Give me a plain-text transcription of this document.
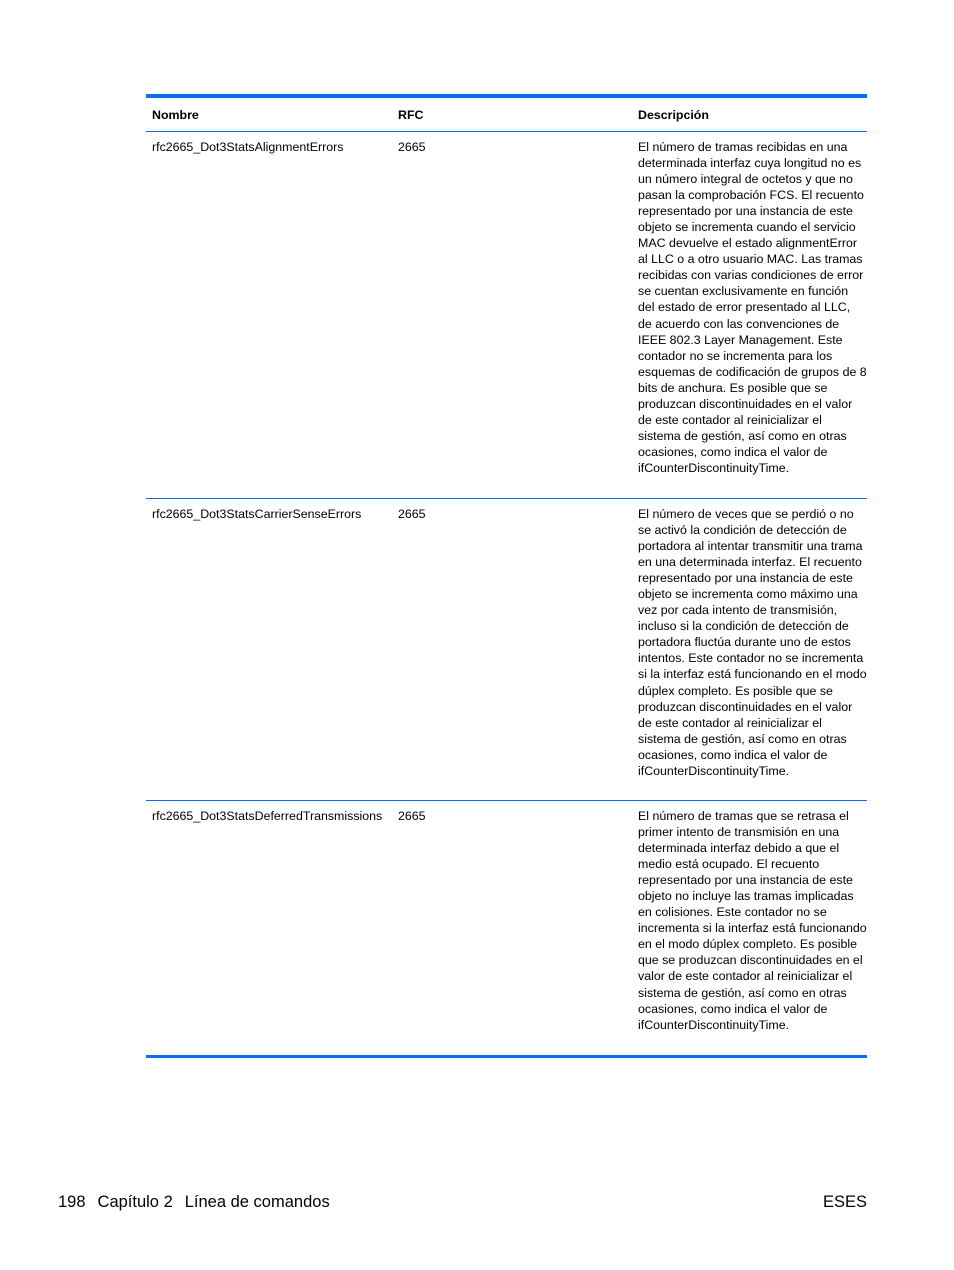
Nombre	RFC	Descripción
rfc2665_Dot3StatsAlignmentErrors	2665	El número de tramas recibidas en una determinada interfaz cuya longitud no es un número integral de octetos y que no pasan la comprobación FCS. El recuento representado por una instancia de este objeto se incrementa cuando el servicio MAC devuelve el estado alignmentError al LLC o a otro usuario MAC. Las tramas recibidas con varias condiciones de error se cuentan exclusivamente en función del estado de error presentado al LLC, de acuerdo con las convenciones de IEEE 802.3 Layer Management. Este contador no se incrementa para los esquemas de codificación de grupos de 8 bits de anchura. Es posible que se produzcan discontinuidades en el valor de este contador al reinicializar el sistema de gestión, así como en otras ocasiones, como indica el valor de ifCounterDiscontinuityTime.
rfc2665_Dot3StatsCarrierSenseErrors	2665	El número de veces que se perdió o no se activó la condición de detección de portadora al intentar transmitir una trama en una determinada interfaz. El recuento representado por una instancia de este objeto se incrementa como máximo una vez por cada intento de transmisión, incluso si la condición de detección de portadora fluctúa durante uno de estos intentos. Este contador no se incrementa si la interfaz está funcionando en el modo dúplex completo. Es posible que se produzcan discontinuidades en el valor de este contador al reinicializar el sistema de gestión, así como en otras ocasiones, como indica el valor de ifCounterDiscontinuityTime.
rfc2665_Dot3StatsDeferredTransmissions	2665	El número de tramas que se retrasa el primer intento de transmisión en una determinada interfaz debido a que el medio está ocupado. El recuento representado por una instancia de este objeto no incluye las tramas implicadas en colisiones. Este contador no se incrementa si la interfaz está funcionando en el modo dúplex completo. Es posible que se produzcan discontinuidades en el valor de este contador al reinicializar el sistema de gestión, así como en otras ocasiones, como indica el valor de ifCounterDiscontinuityTime.
198 Capítulo 2 Línea de comandos	ESES
